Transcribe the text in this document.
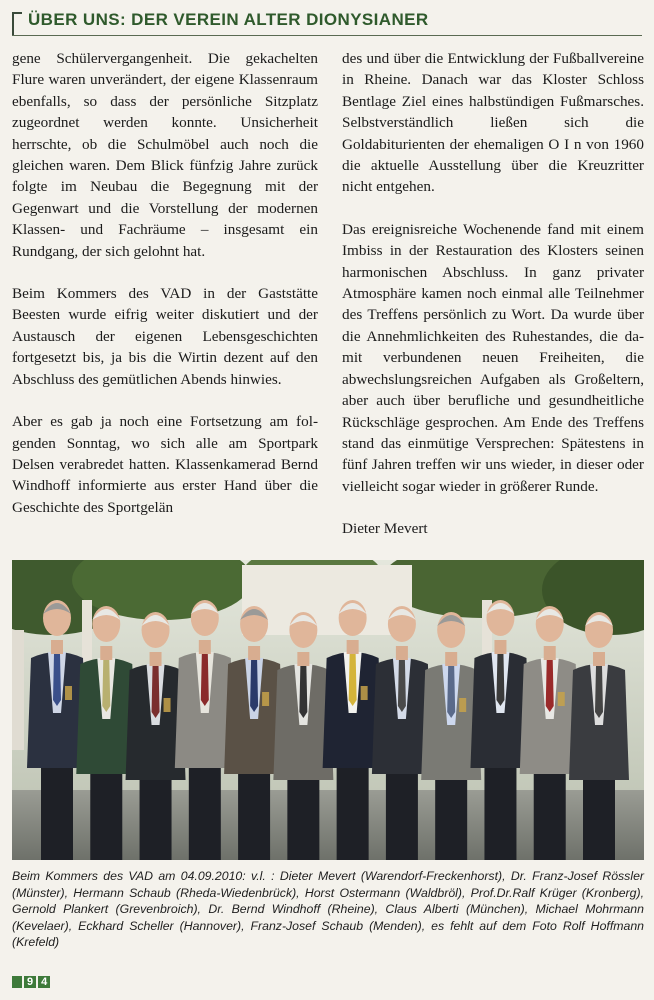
ÜBER UNS: DER VEREIN ALTER DIONYSIANER

gene Schülervergangenheit. Die gekachelten Flure waren unverändert, der eigene Klassenraum ebenfalls, so dass der persönliche Sitzplatz zugeordnet werden konnte. Unsicherheit herrschte, ob die Schulmöbel auch noch die gleichen waren. Dem Blick fünfzig Jahre zurück folgte im Neubau die Begegnung mit der Gegenwart und die Vorstellung der modernen Klassen- und Fachräume – insgesamt ein Rundgang, der sich gelohnt hat.

Beim Kommers des VAD in der Gaststätte Beesten wurde eifrig weiter diskutiert und der Austausch der eigenen Lebensgeschichten fortgesetzt bis, ja bis die Wirtin dezent auf den Abschluss des gemütlichen Abends hinwies.

Aber es gab ja noch eine Fortsetzung am folgenden Sonntag, wo sich alle am Sportpark Delsen verabredet hatten. Klassenkamerad Bernd Windhoff informierte aus erster Hand über die Geschichte des Sportgelän

des und über die Entwicklung der Fußballvereine in Rheine. Danach war das Kloster Schloss Bentlage Ziel eines halbstündigen Fußmarsches. Selbstverständlich ließen sich die Goldabiturienten der ehemaligen O I n von 1960 die aktuelle Ausstellung über die Kreuzritter nicht entgehen.

Das ereignisreiche Wochenende fand mit einem Imbiss in der Restauration des Klosters seinen harmonischen Abschluss. In ganz privater Atmosphäre kamen noch einmal alle Teilnehmer des Treffens persönlich zu Wort. Da wurde über die Annehmlichkeiten des Ruhestandes, die damit verbundenen neuen Freiheiten, die abwechslungsreichen Aufgaben als Großeltern, aber auch über berufliche und gesundheitliche Rückschläge gesprochen. Am Ende des Treffens stand das einmütige Versprechen: Spätestens in fünf Jahren treffen wir uns wieder, in dieser oder vielleicht sogar wieder in größerer Runde.

Dieter Mevert

Beim Kommers des VAD am 04.09.2010: v.l. : Dieter Mevert (Warendorf-Freckenhorst), Dr. Franz-Josef Rössler (Münster), Hermann Schaub (Rheda-Wiedenbrück), Horst Ostermann (Waldbröl), Prof.Dr.Ralf Krüger (Kronberg), Gernold Plankert (Grevenbroich), Dr. Bernd Windhoff (Rheine), Claus Alberti (München), Michael Mohrmann (Kevelaer), Eckhard Scheller (Hannover), Franz-Josef Schaub (Menden), es fehlt auf dem Foto Rolf Hoffmann (Krefeld)
9 4
